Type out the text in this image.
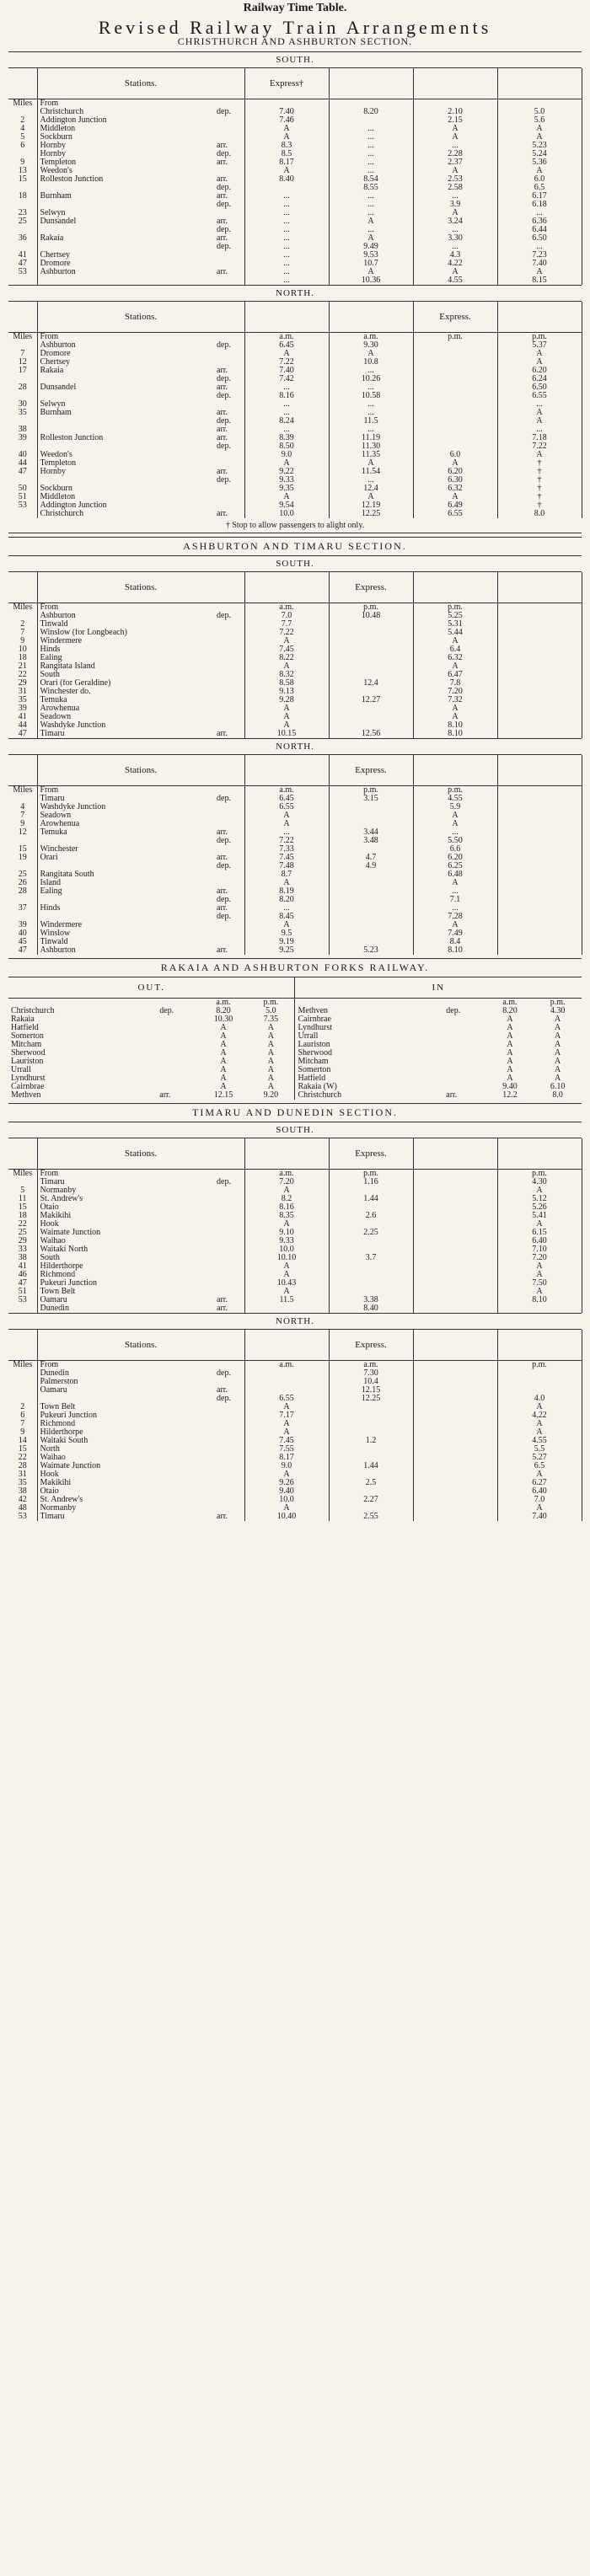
Railway Time Table.
Revised Railway Train Arrangements
CHRISTHURCH AND ASHBURTON SECTION.
SOUTH.
	Stations.		Express†			
Miles	From					
	Christchurch	dep.	7.40	8.20	2.10	5.0
2	Addington Junction		7.46		2.15	5.6
4	Middleton		A	...	A	A
5	Sockburn		A	...	A	A
6	Hornby	arr.	8.3	...	...	5.23
	Hornby	dep.	8.5	...	2.28	5.24
9	Templeton	arr.	8.17	...	2.37	5.36
13	Weedon's		A	...	A	A
15	Rolleston Junction	arr.	8.40	8.54	2.53	6.0
		dep.		8.55	2.58	6.5
18	Burnham	arr.	...	...	...	6.17
		dep.	...	...	3.9	6.18
23	Selwyn		...	...	A	...
25	Dunsandel	arr.	...	A	3.24	6.36
		dep.	...	...	...	6.44
36	Rakaia	arr.	...	A	3.30	6.50
		dep.	...	9.49	...	...
41	Chertsey		...	9.53	4.3	7.23
47	Dromore		...	10.7	4.22	7.40
53	Ashburton	arr.	...	A	A	A
			...	10.36	4.55	8.15
NORTH.
	Stations.				Express.	
Miles	From		a.m.	a.m.	p.m.	p.m.
	Ashburton	dep.	6.45	9.30		5.37
7	Dromore		A	A		A
12	Chertsey		7.22	10.8		A
17	Rakaia	arr.	7.40	...		6.20
		dep.	7.42	10.26		6.24
28	Dunsandel	arr.	...	...		6.50
		dep.	8.16	10.58		6.55
30	Selwyn		...	...		...
35	Burnham	arr.	...	...		A
		dep.	8.24	11.5		A
38		arr.	...	...		...
39	Rolleston Junction	arr.	8.39	11.19		7.18
		dep.	8.50	11.30		7.22
40	Weedon's		9.0	11.35	6.0	A
44	Templeton		A	A	A	†
47	Hornby	arr.	9.22	11.54	6.20	†
		dep.	9.33	...	6.30	†
50	Sockburn		9.35	12.4	6.32	†
51	Middleton		A	A	A	†
53	Addington Junction		9.54	12.19	6.49	†
	Christchurch	arr.	10.0	12.25	6.55	8.0
† Stop to allow passengers to alight only.
ASHBURTON AND TIMARU SECTION.
SOUTH.
	Stations.			Express.		
Miles	From		a.m.	p.m.	p.m.	
	Ashburton	dep.	7.0	10.48	5.25	
2	Tinwald		7.7		5.31	
7	Winslow (for Longbeach)		7.22		5.44	
9	Windermere		A		A	
10	Hinds		7.45		6.4	
18	Ealing		8.22		6.32	
21	Rangitata Island		A		A	
22	South		8.32		6.47	
29	Orari (for Geraldine)		8.58	12.4	7.8	
31	Winchester do.		9.13		7.20	
35	Temuka		9.28	12.27	7.32	
39	Arowhenua		A		A	
41	Seadown		A		A	
44	Washdyke Junction		A		8.10	
47	Timaru	arr.	10.15	12.56	8.10	
NORTH.
	Stations.			Express.		
Miles	From		a.m.	p.m.	p.m.	
	Timaru	dep.	6.45	3.15	4.55	
4	Washdyke Junction		6.55		5.9	
7	Seadown		A		A	
9	Arowhenua		A		A	
12	Temuka	arr.	...	3.44	...	
		dep.	7.22	3.48	5.50	
15	Winchester		7.33		6.6	
19	Orari	arr.	7.45	4.7	6.20	
		dep.	7.48	4.9	6.25	
25	Rangitata South		8.7		6.48	
26	Island		A		A	
28	Ealing	arr.	8.19		...	
		dep.	8.20		7.1	
37	Hinds	arr.	...		...	
		dep.	8.45		7.28	
39	Windermere		A		A	
40	Winslow		9.5		7.49	
45	Tinwald		9.19		8.4	
47	Ashburton	arr.	9.25	5.23	8.10	
RAKAIA AND ASHBURTON FORKS RAILWAY.
OUT.				IN			
		a.m.	p.m.			a.m.	p.m.
Christchurch	dep.	8.20	5.0	Methven	dep.	8.20	4.30
Rakaia		10.30	7.35	Cairnbrae		A	A
Hatfield		A	A	Lyndhurst		A	A
Somerton		A	A	Urrall		A	A
Mitcham		A	A	Lauriston		A	A
Sherwood		A	A	Sherwood		A	A
Lauriston		A	A	Mitcham		A	A
Urrall		A	A	Somerton		A	A
Lyndhurst		A	A	Hatfield		A	A
Cairnbrae		A	A	Rakaia (W)		9.40	6.10
Methven	arr.	12.15	9.20	Christchurch	arr.	12.2	8.0
TIMARU AND DUNEDIN SECTION.
SOUTH.
	Stations.			Express.		
Miles	From		a.m.	p.m.		p.m.
	Timaru	dep.	7.20	1.16		4.30
5	Normanby		A			A
11	St. Andrew's		8.2	1.44		5.12
15	Otaio		8.16			5.26
18	Makikihi		8.35	2.6		5.41
22	Hook		A			A
25	Waimate Junction		9.10	2.25		6.15
29	Waihao		9.33			6.40
33	Waitaki North		10.0			7.10
38	South		10.10	3.7		7.20
41	Hilderthorpe		A			A
46	Richmond		A			A
47	Pukeuri Junction		10.43			7.50
51	Town Belt		A			A
53	Oamaru	arr.	11.5	3.38		8.10
	Dunedin	arr.		8.40		
NORTH.
	Stations.			Express.		
Miles	From		a.m.	a.m.		p.m.
	Dunedin	dep.		7.30		
	Palmerston			10.4		
	Oamaru	arr.		12.15		
		dep.	6.55	12.25		4.0
2	Town Belt		A			A
6	Pukeuri Junction		7.17			4.22
7	Richmond		A			A
9	Hilderthorpe		A			A
14	Waitaki South		7.45	1.2		4.55
15	North		7.55			5.5
22	Waihao		8.17			5.27
28	Waimate Junction		9.0	1.44		6.5
31	Hook		A			A
35	Makikihi		9.26	2.5		6.27
38	Otaio		9.40			6.40
42	St. Andrew's		10.0	2.27		7.0
48	Normanby		A			A
53	Timaru	arr.	10.40	2.55		7.40
